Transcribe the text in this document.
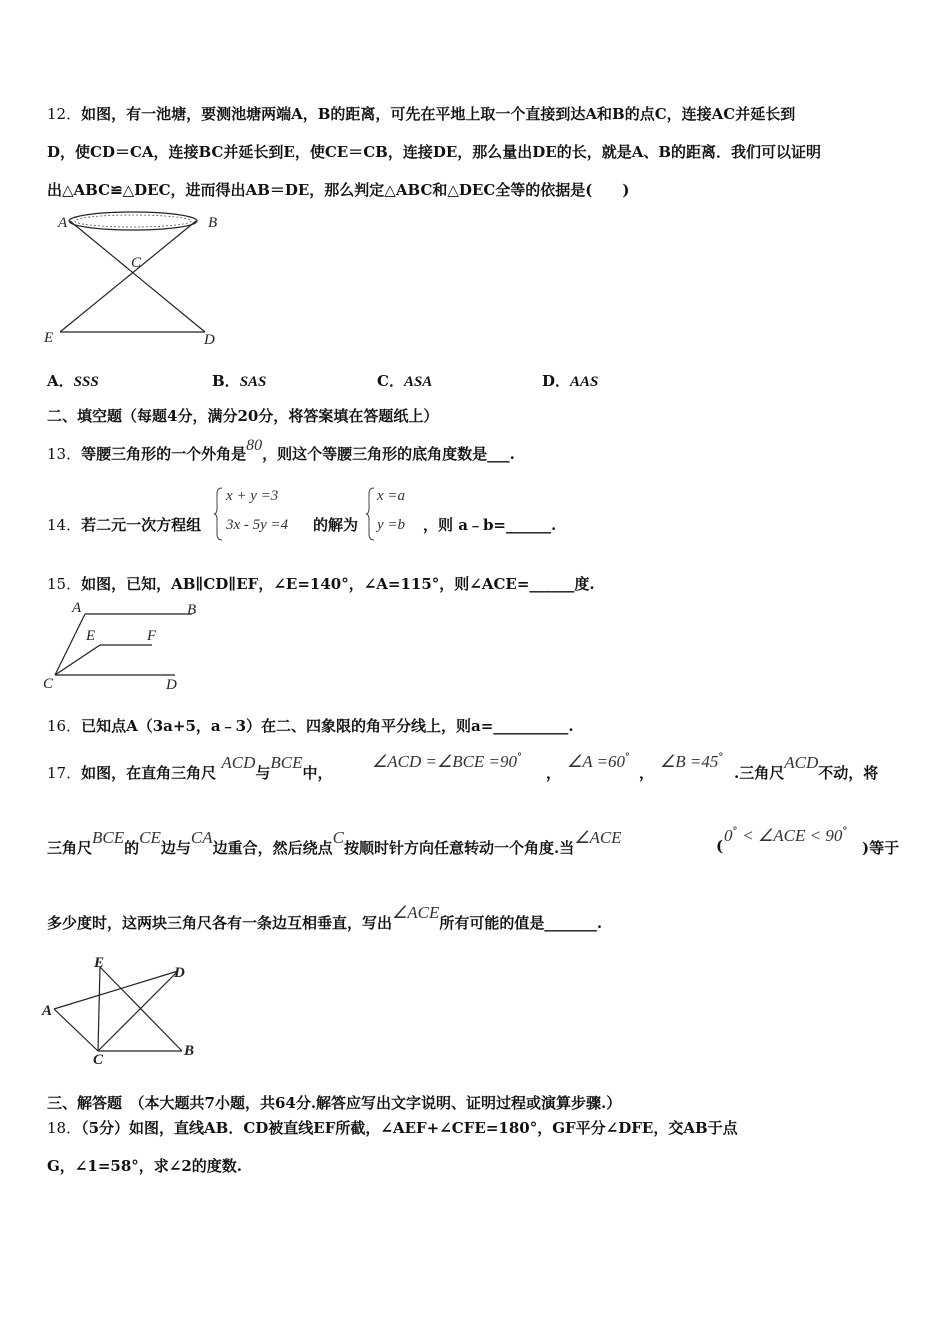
12．如图，有一池塘，要测池塘两端A，B的距离，可先在平地上取一个直接到达A和B的点C，连接AC并延长到
D，使CD＝CA，连接BC并延长到E，使CE＝CB，连接DE，那么量出DE的长，就是A、B的距离．我们可以证明
出△ABC≌△DEC，进而得出AB＝DE，那么判定△ABC和△DEC全等的依据是(　　)
A	B
C
E	D
A．SSS	B．SAS	C．ASA	D．AAS
二、填空题（每题4分，满分20分，将答案填在答题纸上）
13．等腰三角形的一个外角是80，则这个等腰三角形的底角度数是___.
14．若二元一次方程组
x + y =3
3x - 5y =4 的解为
x =a
y =b ，则 a﹣b=______.
15．如图，已知，AB∥CD∥EF，∠E=140°，∠A=115°，则∠ACE=______度.
A	B
E	F
C	D
16．已知点A（3a+5，a﹣3）在二、四象限的角平分线上，则a=__________.
17．如图，在直角三角尺 ACD与BCE中，
∠ACD =∠BCE =90°
，
∠A =60°
，
∠B =45°
.三角尺ACD不动，将
三角尺BCE的CE边与CA边重合，然后绕点C按顺时针方向任意转动一个角度.当∠ACE	(
0° < ∠ACE < 90°
)等于
多少度时，这两块三角尺各有一条边互相垂直，写出∠ACE所有可能的值是_______.
E
D
A
C
B
三、解答题　（本大题共7小题，共64分.解答应写出文字说明、证明过程或演算步骤.）
18．（5分）如图，直线AB．CD被直线EF所截，∠AEF+∠CFE=180°，GF平分∠DFE，交AB于点
G，∠1=58°，求∠2的度数.
